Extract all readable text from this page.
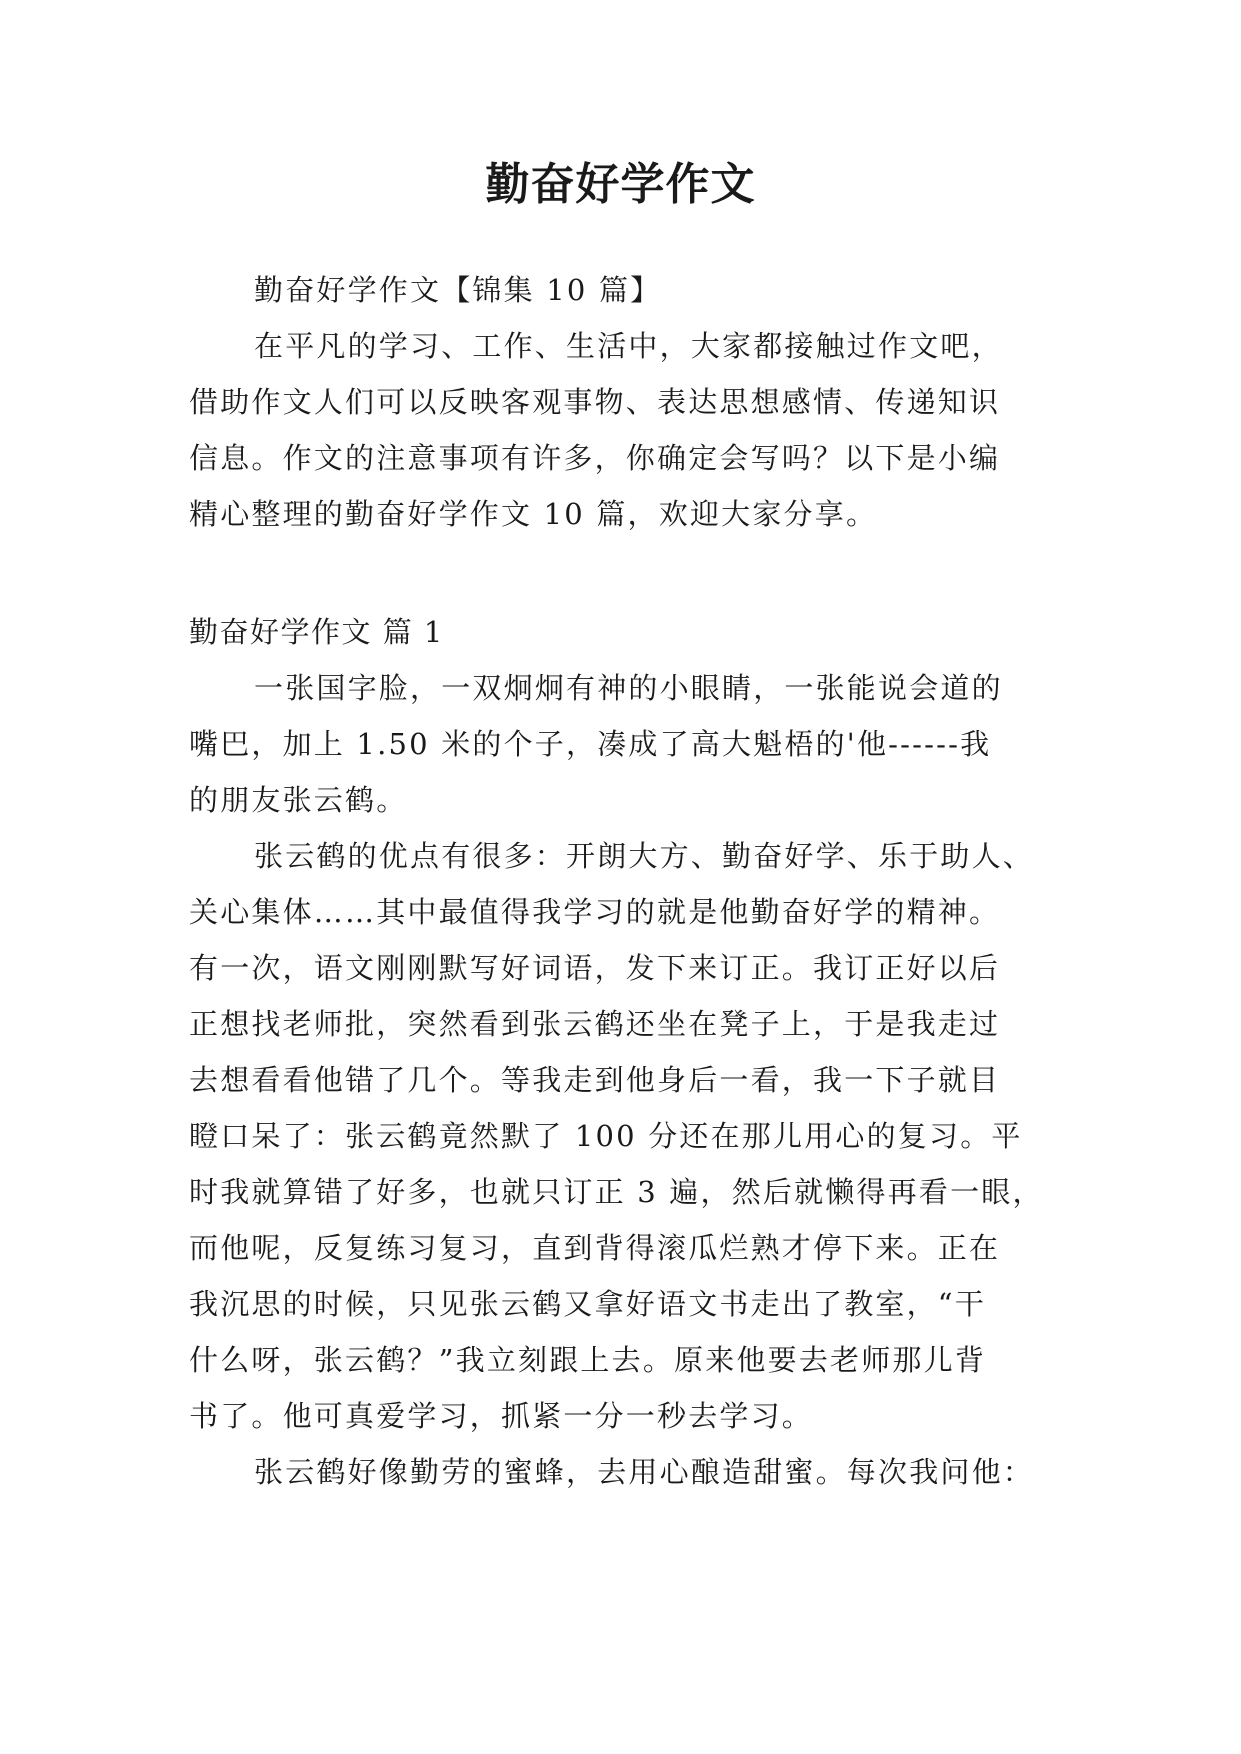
勤奋好学作文
勤奋好学作文【锦集 10 篇】
在平凡的学习、工作、生活中，大家都接触过作文吧，
借助作文人们可以反映客观事物、表达思想感情、传递知识
信息。作文的注意事项有许多，你确定会写吗？以下是小编
精心整理的勤奋好学作文 10 篇，欢迎大家分享。
勤奋好学作文 篇 1
一张国字脸，一双炯炯有神的小眼睛，一张能说会道的
嘴巴，加上 1.50 米的个子，凑成了高大魁梧的'他------我
的朋友张云鹤。
张云鹤的优点有很多：开朗大方、勤奋好学、乐于助人、
关心集体……其中最值得我学习的就是他勤奋好学的精神。
有一次，语文刚刚默写好词语，发下来订正。我订正好以后
正想找老师批，突然看到张云鹤还坐在凳子上，于是我走过
去想看看他错了几个。等我走到他身后一看，我一下子就目
瞪口呆了：张云鹤竟然默了 100 分还在那儿用心的复习。平
时我就算错了好多，也就只订正 3 遍，然后就懒得再看一眼，
而他呢，反复练习复习，直到背得滚瓜烂熟才停下来。正在
我沉思的时候，只见张云鹤又拿好语文书走出了教室，“干
什么呀，张云鹤？”我立刻跟上去。原来他要去老师那儿背
书了。他可真爱学习，抓紧一分一秒去学习。
张云鹤好像勤劳的蜜蜂，去用心酿造甜蜜。每次我问他：
